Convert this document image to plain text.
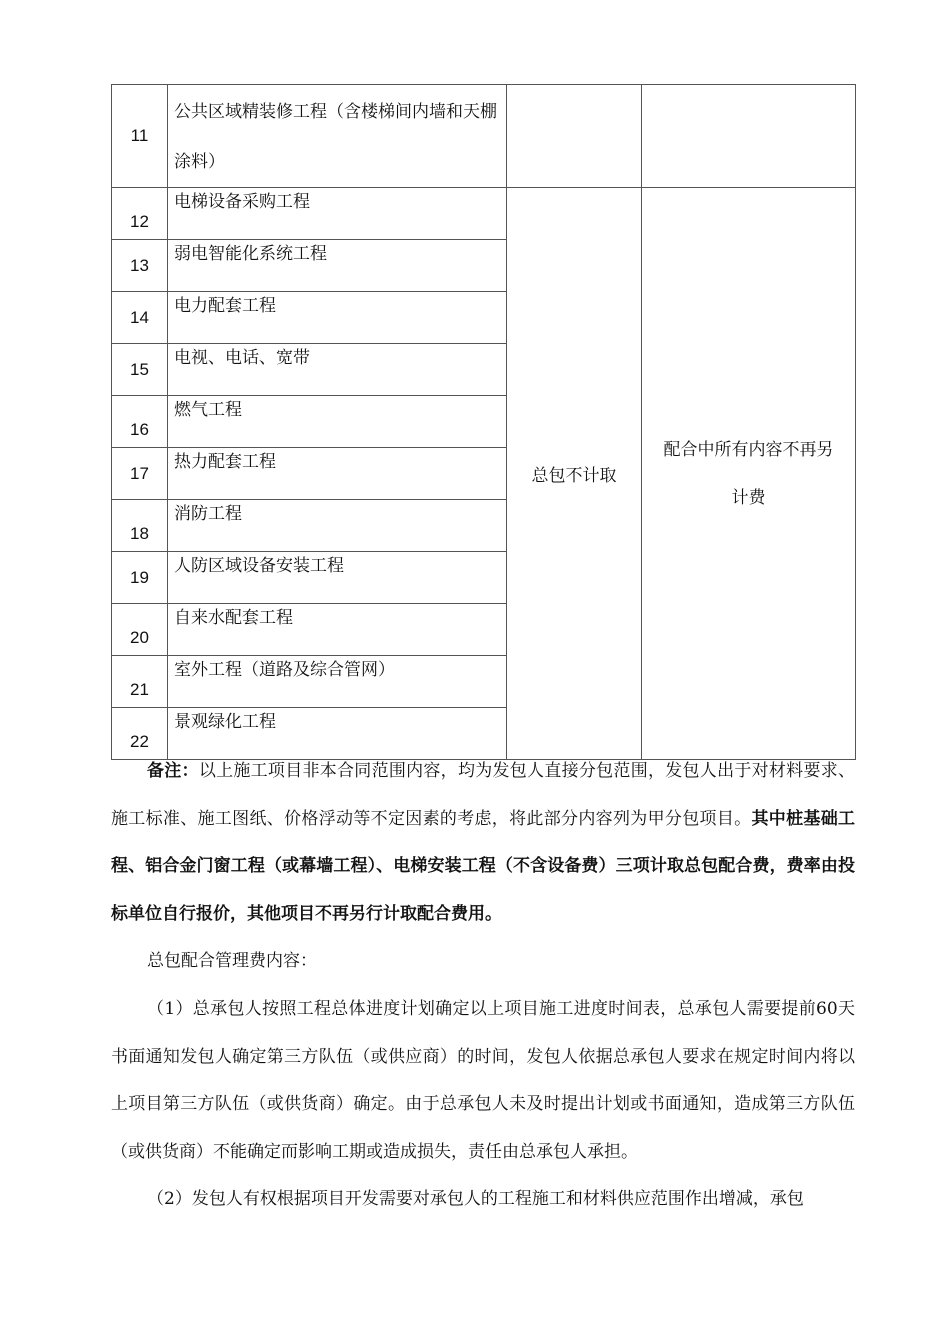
11	公共区域精装修工程（含楼梯间内墙和天棚涂料）		

12	电梯设备采购工程	总包不计取	配合中所有内容不再另计费
13	弱电智能化系统工程		

14	电力配套工程		

15	电视、电话、宽带		

16	燃气工程		

17	热力配套工程		

18	消防工程		

19	人防区域设备安装工程		

20	自来水配套工程		

21	室外工程（道路及综合管网）		

22	景观绿化工程		

备注：以上施工项目非本合同范围内容，均为发包人直接分包范围，发包人出于对材料要求、施工标准、施工图纸、价格浮动等不定因素的考虑，将此部分内容列为甲分包项目。其中桩基础工程、铝合金门窗工程（或幕墙工程）、电梯安装工程（不含设备费）三项计取总包配合费，费率由投标单位自行报价，其他项目不再另行计取配合费用。

总包配合管理费内容：

（1）总承包人按照工程总体进度计划确定以上项目施工进度时间表，总承包人需要提前60天书面通知发包人确定第三方队伍（或供应商）的时间，发包人依据总承包人要求在规定时间内将以上项目第三方队伍（或供货商）确定。由于总承包人未及时提出计划或书面通知，造成第三方队伍（或供货商）不能确定而影响工期或造成损失，责任由总承包人承担。

（2）发包人有权根据项目开发需要对承包人的工程施工和材料供应范围作出增减，承包
